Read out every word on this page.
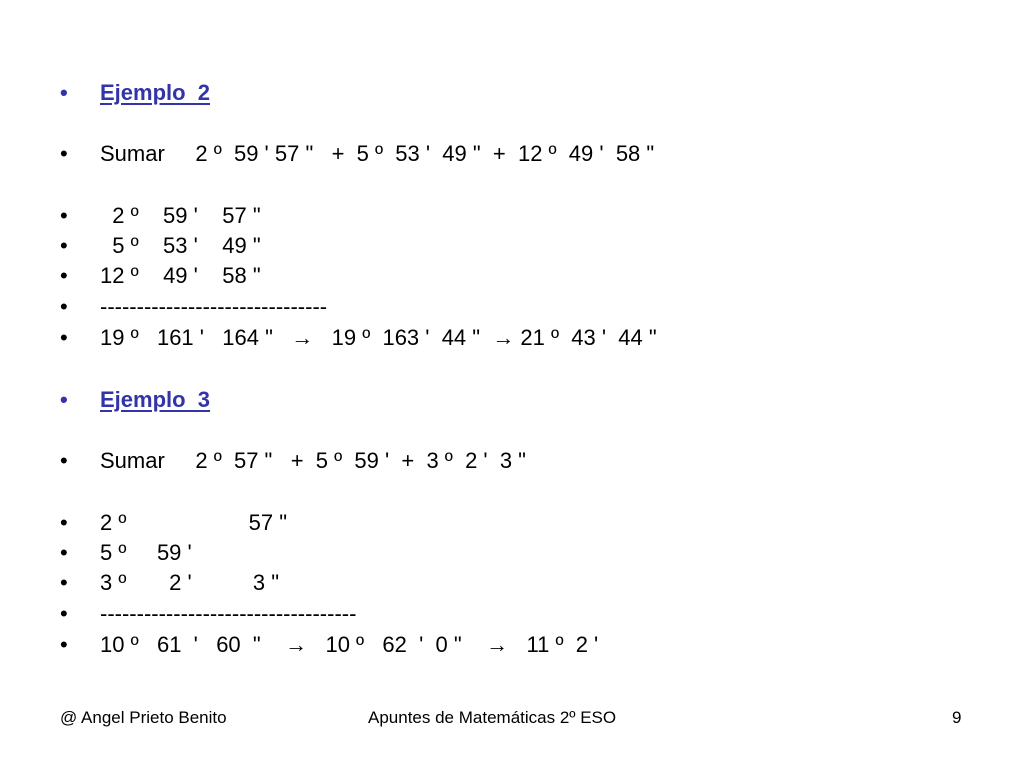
•

Ejemplo  2

•

Sumar     2 º  59 ' 57 "   +  5 º  53 '  49 "  +  12 º  49 '  58 "

•

2 º    59 '    57 "

•

5 º    53 '    49 "

•

12 º    49 '    58 "

•

-------------------------------

•

19 º   161 '   164 "   →   19 º  163 '  44 "  → 21 º  43 '  44 "

•

Ejemplo  3

•

Sumar     2 º  57 "   +  5 º  59 '  +  3 º  2 '  3 "

•

2 º                    57 "

•

5 º     59 '

•

3 º       2 '          3 "

•

-----------------------------------

•

10 º   61  '   60  "    →   10 º   62  '  0 "    →   11 º  2 '

@ Angel Prieto Benito	Apuntes de Matemáticas 2º ESO	9
